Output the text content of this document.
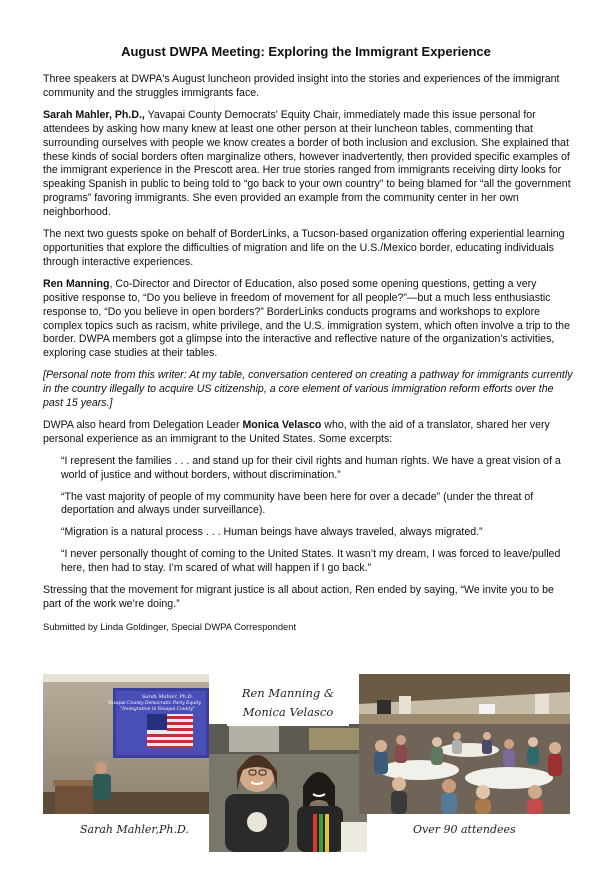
August DWPA Meeting: Exploring the Immigrant Experience

Three speakers at DWPA's August luncheon provided insight into the stories and experiences of the immigrant community and the struggles immigrants face.

Sarah Mahler, Ph.D., Yavapai County Democrats' Equity Chair, immediately made this issue personal for attendees by asking how many knew at least one other person at their luncheon tables, commenting that surrounding ourselves with people we know creates a border of both inclusion and exclusion. She explained that these kinds of social borders often marginalize others, however inadvertently, then provided specific examples of the immigrant experience in the Prescott area. Her true stories ranged from immigrants receiving dirty looks for speaking Spanish in public to being told to “go back to your own country” to being blamed for “all the government programs” favoring immigrants. She even provided an example from the community center in her own neighborhood.

The next two guests spoke on behalf of BorderLinks, a Tucson-based organization offering experiential learning opportunities that explore the difficulties of migration and life on the U.S./Mexico border, educating individuals through interactive experiences.

Ren Manning, Co-Director and Director of Education, also posed some opening questions, getting a very positive response to, “Do you believe in freedom of movement for all people?”—but a much less enthusiastic response to, “Do you believe in open borders?” BorderLinks conducts programs and workshops to explore complex topics such as racism, white privilege, and the U.S. immigration system, which often involve a trip to the border. DWPA members got a glimpse into the interactive and reflective nature of the organization’s activities, exploring case studies at their tables.

[Personal note from this writer: At my table, conversation centered on creating a pathway for immigrants currently in the country illegally to acquire US citizenship, a core element of various immigration reform efforts over the past 15 years.]

DWPA also heard from Delegation Leader Monica Velasco who, with the aid of a translator, shared her very personal experience as an immigrant to the United States. Some excerpts:

“I represent the families . . . and stand up for their civil rights and human rights. We have a great vision of a world of justice and without borders, without discrimination.”

“The vast majority of people of my community have been here for over a decade” (under the threat of deportation and always under surveillance).

“Migration is a natural process . . . Human beings have always traveled, always migrated.”

“I never personally thought of coming to the United States. It wasn’t my dream, I was forced to leave/pulled here, then had to stay. I’m scared of what will happen if I go back.”

Stressing that the movement for migrant justice is all about action, Ren ended by saying, “We invite you to be part of the work we’re doing.”

Submitted by Linda Goldinger, Special DWPA Correspondent

Sarah Mahler, Ph.D.
Yavapai County Democratic Party Equity
"Immigration in Yavapai County"
Sarah Mahler,Ph.D.
Ren Manning &
Monica Velasco
Over 90 attendees
